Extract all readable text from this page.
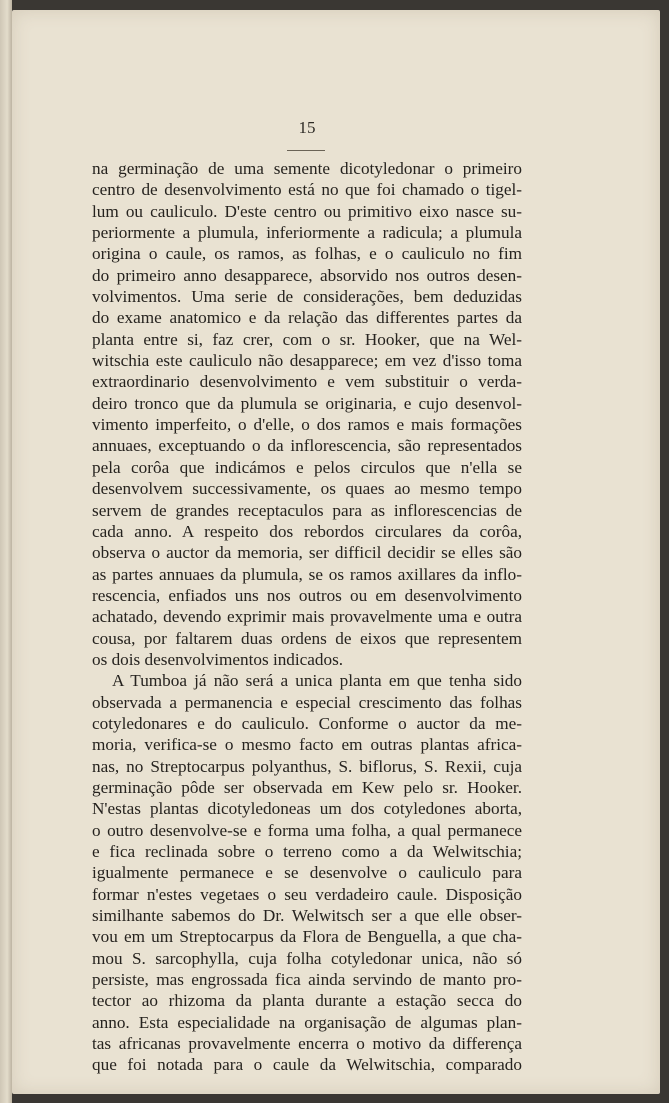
15
na germinação de uma semente dicotyledonar o primeiro
centro de desenvolvimento está no que foi chamado o tigel-
lum ou cauliculo. D'este centro ou primitivo eixo nasce su-
periormente a plumula, inferiormente a radicula; a plumula
origina o caule, os ramos, as folhas, e o cauliculo no fim
do primeiro anno desapparece, absorvido nos outros desen-
volvimentos. Uma serie de considerações, bem deduzidas
do exame anatomico e da relação das differentes partes da
planta entre si, faz crer, com o sr. Hooker, que na Wel-
witschia este cauliculo não desapparece; em vez d'isso toma
extraordinario desenvolvimento e vem substituir o verda-
deiro tronco que da plumula se originaria, e cujo desenvol-
vimento imperfeito, o d'elle, o dos ramos e mais formações
annuaes, exceptuando o da inflorescencia, são representados
pela corôa que indicámos e pelos circulos que n'ella se
desenvolvem successivamente, os quaes ao mesmo tempo
servem de grandes receptaculos para as inflorescencias de
cada anno. A respeito dos rebordos circulares da corôa,
observa o auctor da memoria, ser difficil decidir se elles são
as partes annuaes da plumula, se os ramos axillares da inflo-
rescencia, enfiados uns nos outros ou em desenvolvimento
achatado, devendo exprimir mais provavelmente uma e outra
cousa, por faltarem duas ordens de eixos que representem
os dois desenvolvimentos indicados.
A Tumboa já não será a unica planta em que tenha sido
observada a permanencia e especial crescimento das folhas
cotyledonares e do cauliculo. Conforme o auctor da me-
moria, verifica-se o mesmo facto em outras plantas africa-
nas, no Streptocarpus polyanthus, S. biflorus, S. Rexii, cuja
germinação pôde ser observada em Kew pelo sr. Hooker.
N'estas plantas dicotyledoneas um dos cotyledones aborta,
o outro desenvolve-se e forma uma folha, a qual permanece
e fica reclinada sobre o terreno como a da Welwitschia;
igualmente permanece e se desenvolve o cauliculo para
formar n'estes vegetaes o seu verdadeiro caule. Disposição
similhante sabemos do Dr. Welwitsch ser a que elle obser-
vou em um Streptocarpus da Flora de Benguella, a que cha-
mou S. sarcophylla, cuja folha cotyledonar unica, não só
persiste, mas engrossada fica ainda servindo de manto pro-
tector ao rhizoma da planta durante a estação secca do
anno. Esta especialidade na organisação de algumas plan-
tas africanas provavelmente encerra o motivo da differença
que foi notada para o caule da Welwitschia, comparado
